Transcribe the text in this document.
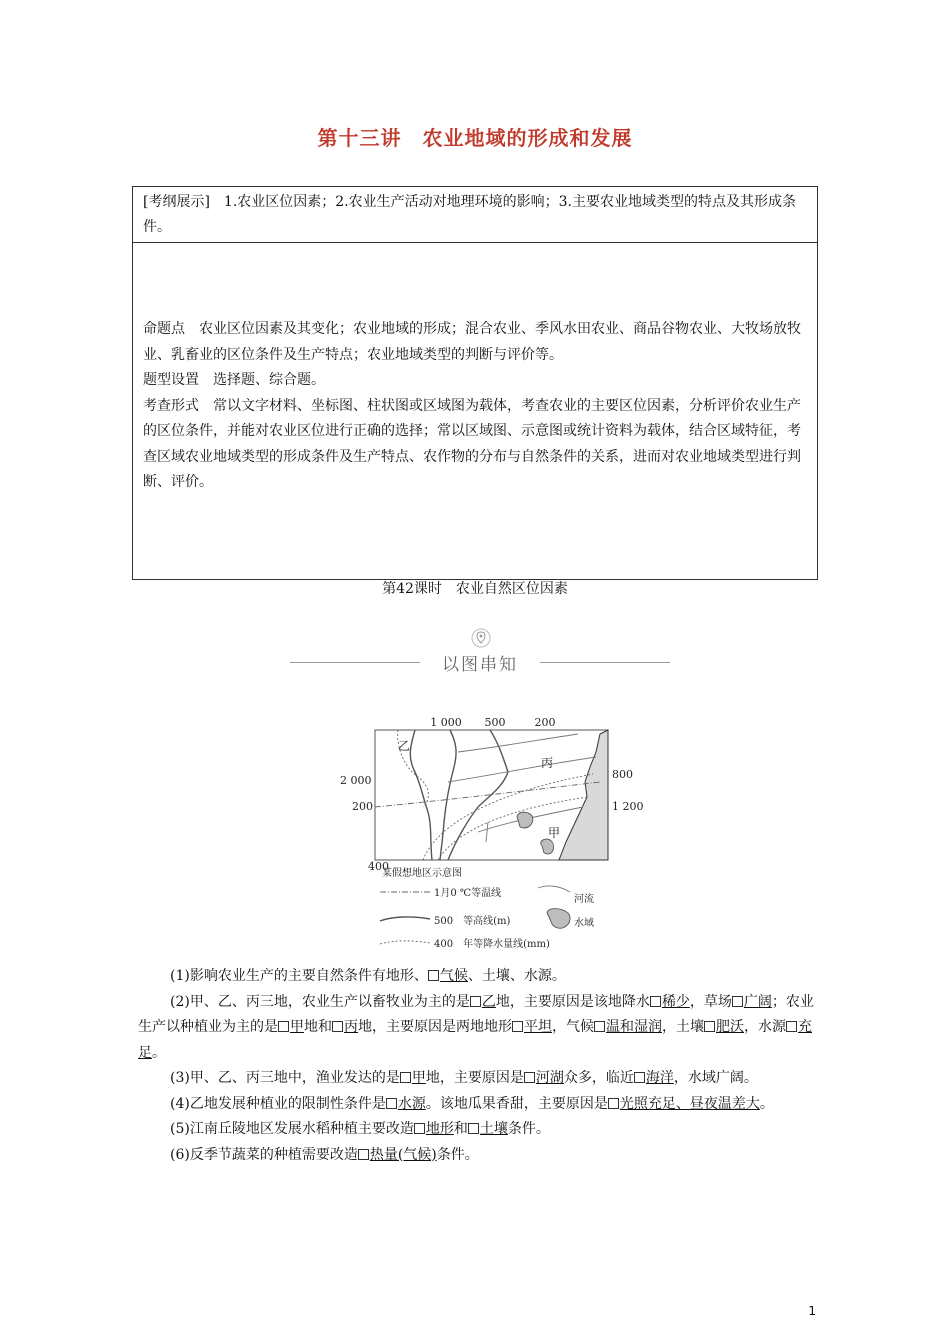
第十三讲　农业地域的形成和发展
[考纲展示]　1.农业区位因素；2.农业生产活动对地理环境的影响；3.主要农业地域类型的特点及其形成条件。

命题点　农业区位因素及其变化；农业地域的形成；混合农业、季风水田农业、商品谷物农业、大牧场放牧业、乳畜业的区位条件及生产特点；农业地域类型的判断与评价等。

题型设置　选择题、综合题。

考查形式　常以文字材料、坐标图、柱状图或区域图为载体，考查农业的主要区位因素，分析评价农业生产的区位条件，并能对农业区位进行正确的选择；常以区域图、示意图或统计资料为载体，结合区域特征，考查区域农业地域类型的形成条件及生产特点、农作物的分布与自然条件的关系，进而对农业地域类型进行判断、评价。

第42课时　农业自然区位因素
以图串知
1 000 500	200
2 000
200
400
800
1 200
乙
丙
甲
某假想地区示意图
1月0 ℃等温线
河流
500　等高线(m)	水域
400　年等降水量线(mm)

(1)影响农业生产的主要自然条件有地形、 气候、土壤、水源。

(2)甲、乙、丙三地，农业生产以畜牧业为主的是 乙地，主要原因是该地降水 稀少，草场 广阔；农业生产以种植业为主的是 甲地和 丙地，主要原因是两地地形 平坦，气候 温和湿润，土壤 肥沃，水源 充足。

(3)甲、乙、丙三地中，渔业发达的是 甲地，主要原因是 河湖众多，临近 海洋，水域广阔。

(4)乙地发展种植业的限制性条件是 水源。该地瓜果香甜，主要原因是 光照充足、昼夜温差大。

(5)江南丘陵地区发展水稻种植主要改造 地形和 土壤条件。

(6)反季节蔬菜的种植需要改造 热量(气候)条件。

1
